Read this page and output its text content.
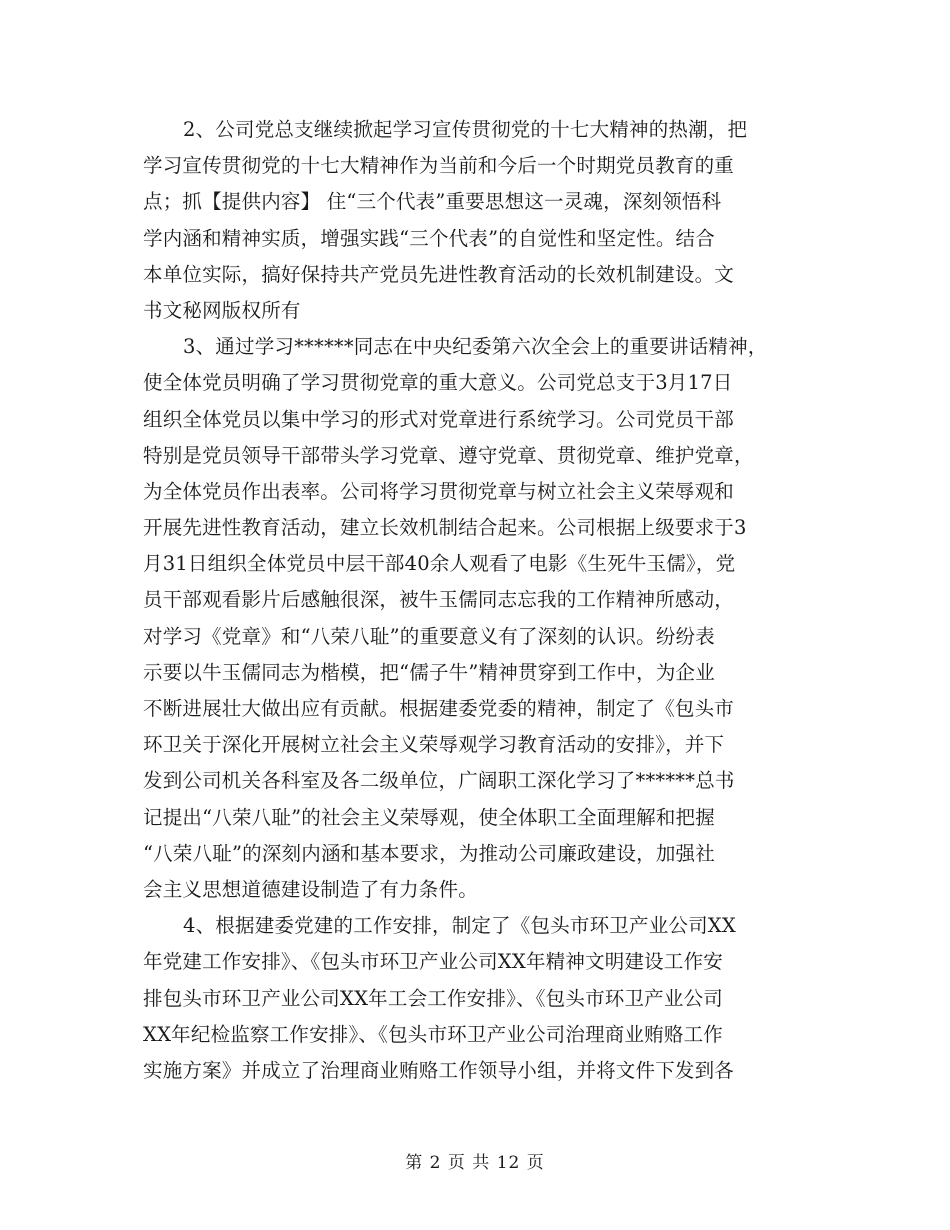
2、公司党总支继续掀起学习宣传贯彻党的十七大精神的热潮，把
学习宣传贯彻党的十七大精神作为当前和今后一个时期党员教育的重
点；抓【提供内容】 住“三个代表”重要思想这一灵魂，深刻领悟科
学内涵和精神实质，增强实践“三个代表”的自觉性和坚定性。结合
本单位实际，搞好保持共产党员先进性教育活动的长效机制建设。文
书文秘网版权所有
3、通过学习******同志在中央纪委第六次全会上的重要讲话精神，
使全体党员明确了学习贯彻党章的重大意义。公司党总支于3月17日
组织全体党员以集中学习的形式对党章进行系统学习。公司党员干部
特别是党员领导干部带头学习党章、遵守党章、贯彻党章、维护党章，
为全体党员作出表率。公司将学习贯彻党章与树立社会主义荣辱观和
开展先进性教育活动，建立长效机制结合起来。公司根据上级要求于3
月31日组织全体党员中层干部40余人观看了电影《生死牛玉儒》，党
员干部观看影片后感触很深，被牛玉儒同志忘我的工作精神所感动，
对学习《党章》和“八荣八耻”的重要意义有了深刻的认识。纷纷表
示要以牛玉儒同志为楷模，把“儒子牛”精神贯穿到工作中，为企业
不断进展壮大做出应有贡献。根据建委党委的精神，制定了《包头市
环卫关于深化开展树立社会主义荣辱观学习教育活动的安排》，并下
发到公司机关各科室及各二级单位，广阔职工深化学习了******总书
记提出“八荣八耻”的社会主义荣辱观，使全体职工全面理解和把握
“八荣八耻”的深刻内涵和基本要求，为推动公司廉政建设，加强社
会主义思想道德建设制造了有力条件。
4、根据建委党建的工作安排，制定了《包头市环卫产业公司XX
年党建工作安排》、《包头市环卫产业公司XX年精神文明建设工作安
排包头市环卫产业公司XX年工会工作安排》、《包头市环卫产业公司
XX年纪检监察工作安排》、《包头市环卫产业公司治理商业贿赂工作
实施方案》并成立了治理商业贿赂工作领导小组，并将文件下发到各
第 2 页 共 12 页
